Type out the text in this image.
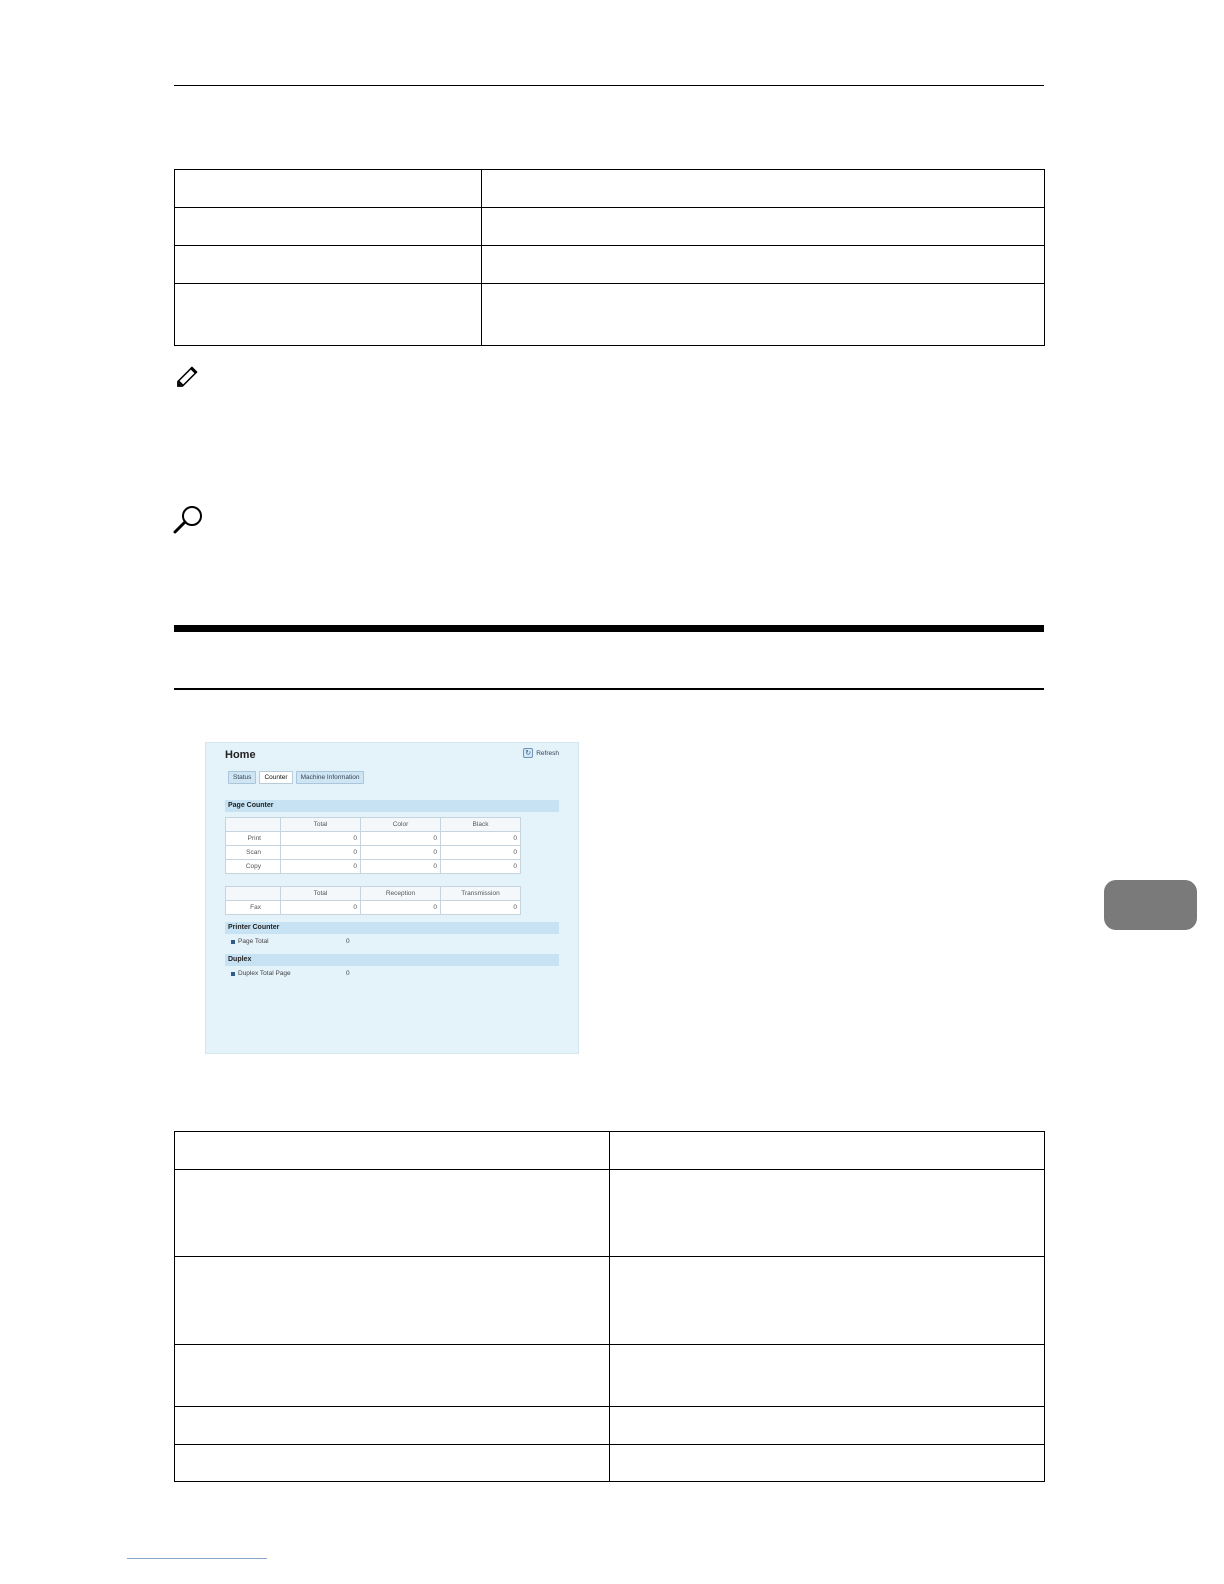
Home	↻ Refresh
Status	Counter	Machine Information
Page Counter
	Total	Color	Black
Print	0	0	0
Scan	0	0	0
Copy	0	0	0
	Total	Reception	Transmission
Fax	0	0	0
Printer Counter
Page Total	0
Duplex
Duplex Total Page	0
